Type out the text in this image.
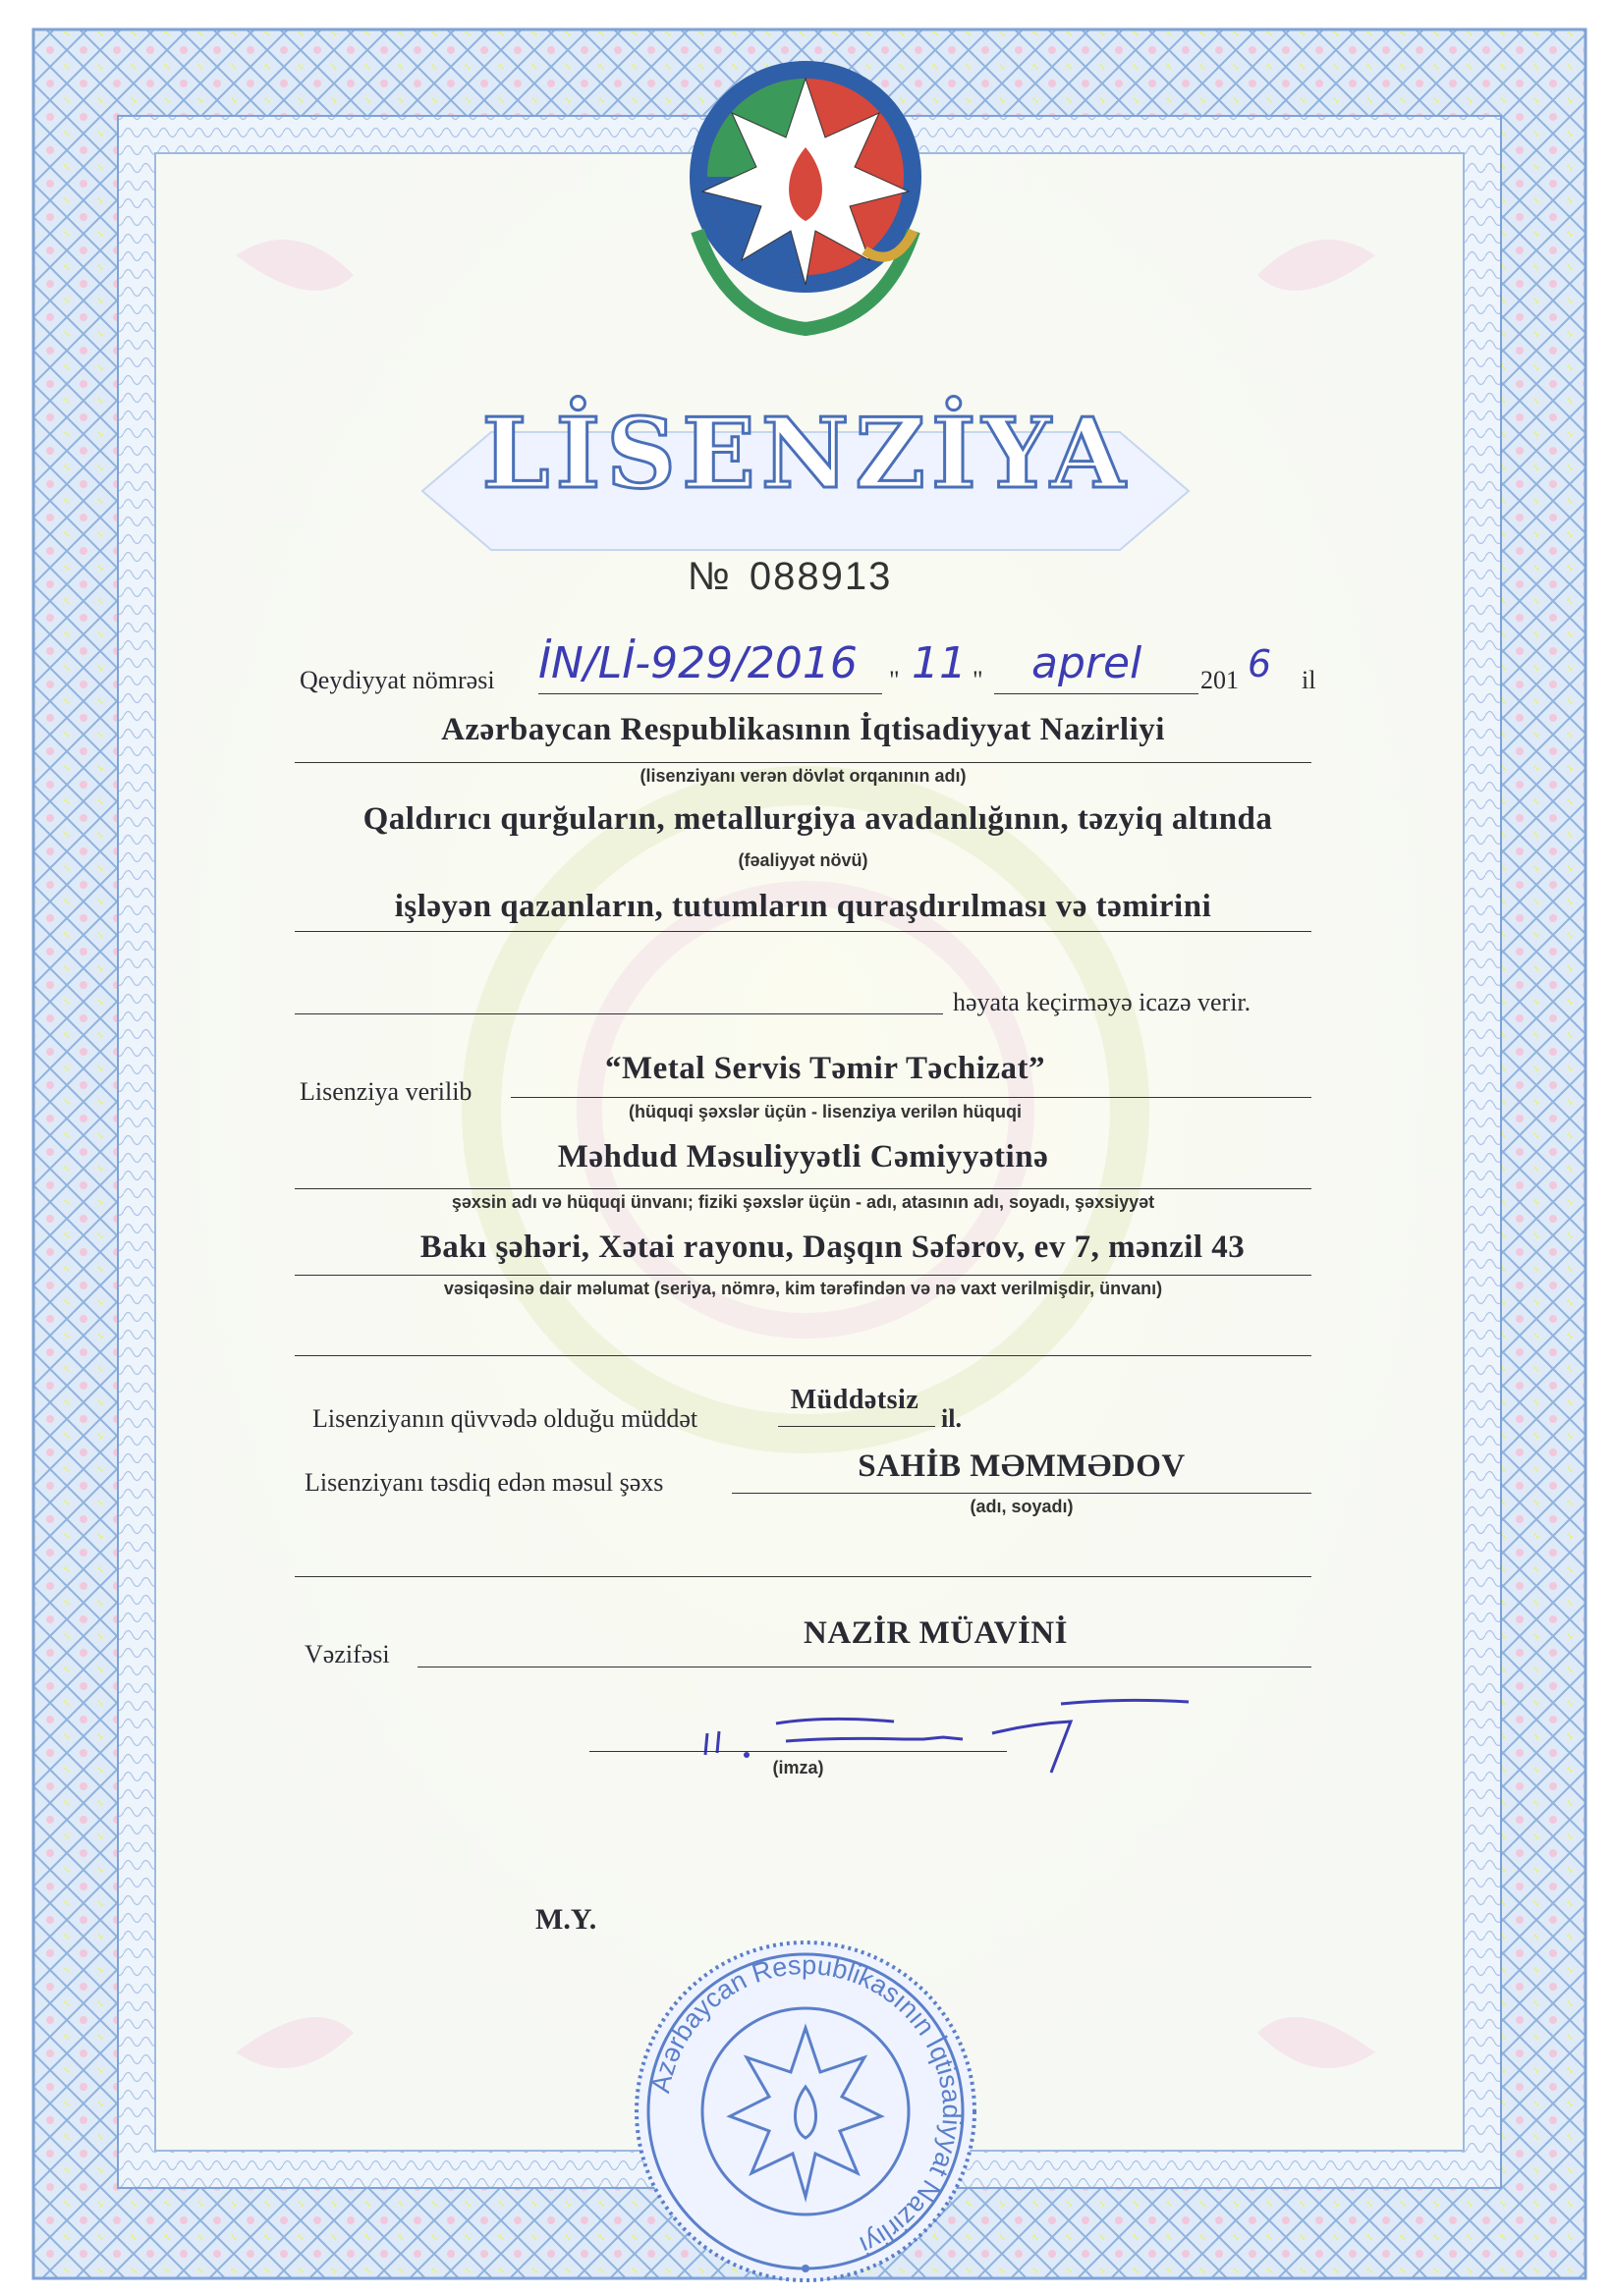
LİSENZİYA
№ 088913
Qeydiyyat nömrəsi İN/Lİ-929/2016 " 11 " aprel 201 6 il
Azərbaycan Respublikasının İqtisadiyyat Nazirliyi
(lisenziyanı verən dövlət orqanının adı)
Qaldırıcı qurğuların, metallurgiya avadanlığının, təzyiq altında
(fəaliyyət növü)
işləyən qazanların, tutumların quraşdırılması və təmirini
həyata keçirməyə icazə verir.
Lisenziya verilib
“Metal Servis Təmir Təchizat”
(hüquqi şəxslər üçün - lisenziya verilən hüquqi
Məhdud Məsuliyyətli Cəmiyyətinə
şəxsin adı və hüquqi ünvanı; fiziki şəxslər üçün - adı, atasının adı, soyadı, şəxsiyyət
Bakı şəhəri, Xətai rayonu, Daşqın Səfərov, ev 7, mənzil 43
vəsiqəsinə dair məlumat (seriya, nömrə, kim tərəfindən və nə vaxt verilmişdir, ünvanı)
Lisenziyanın qüvvədə olduğu müddət
Müddətsiz
il.
Lisenziyanı təsdiq edən məsul şəxs	SAHİB MƏMMƏDOV
(adı, soyadı)
Vəzifəsi
NAZİR MÜAVİNİ
(imza)
M.Y.
Azərbaycan Respublikasının İqtisadiyyat Nazirliyi
